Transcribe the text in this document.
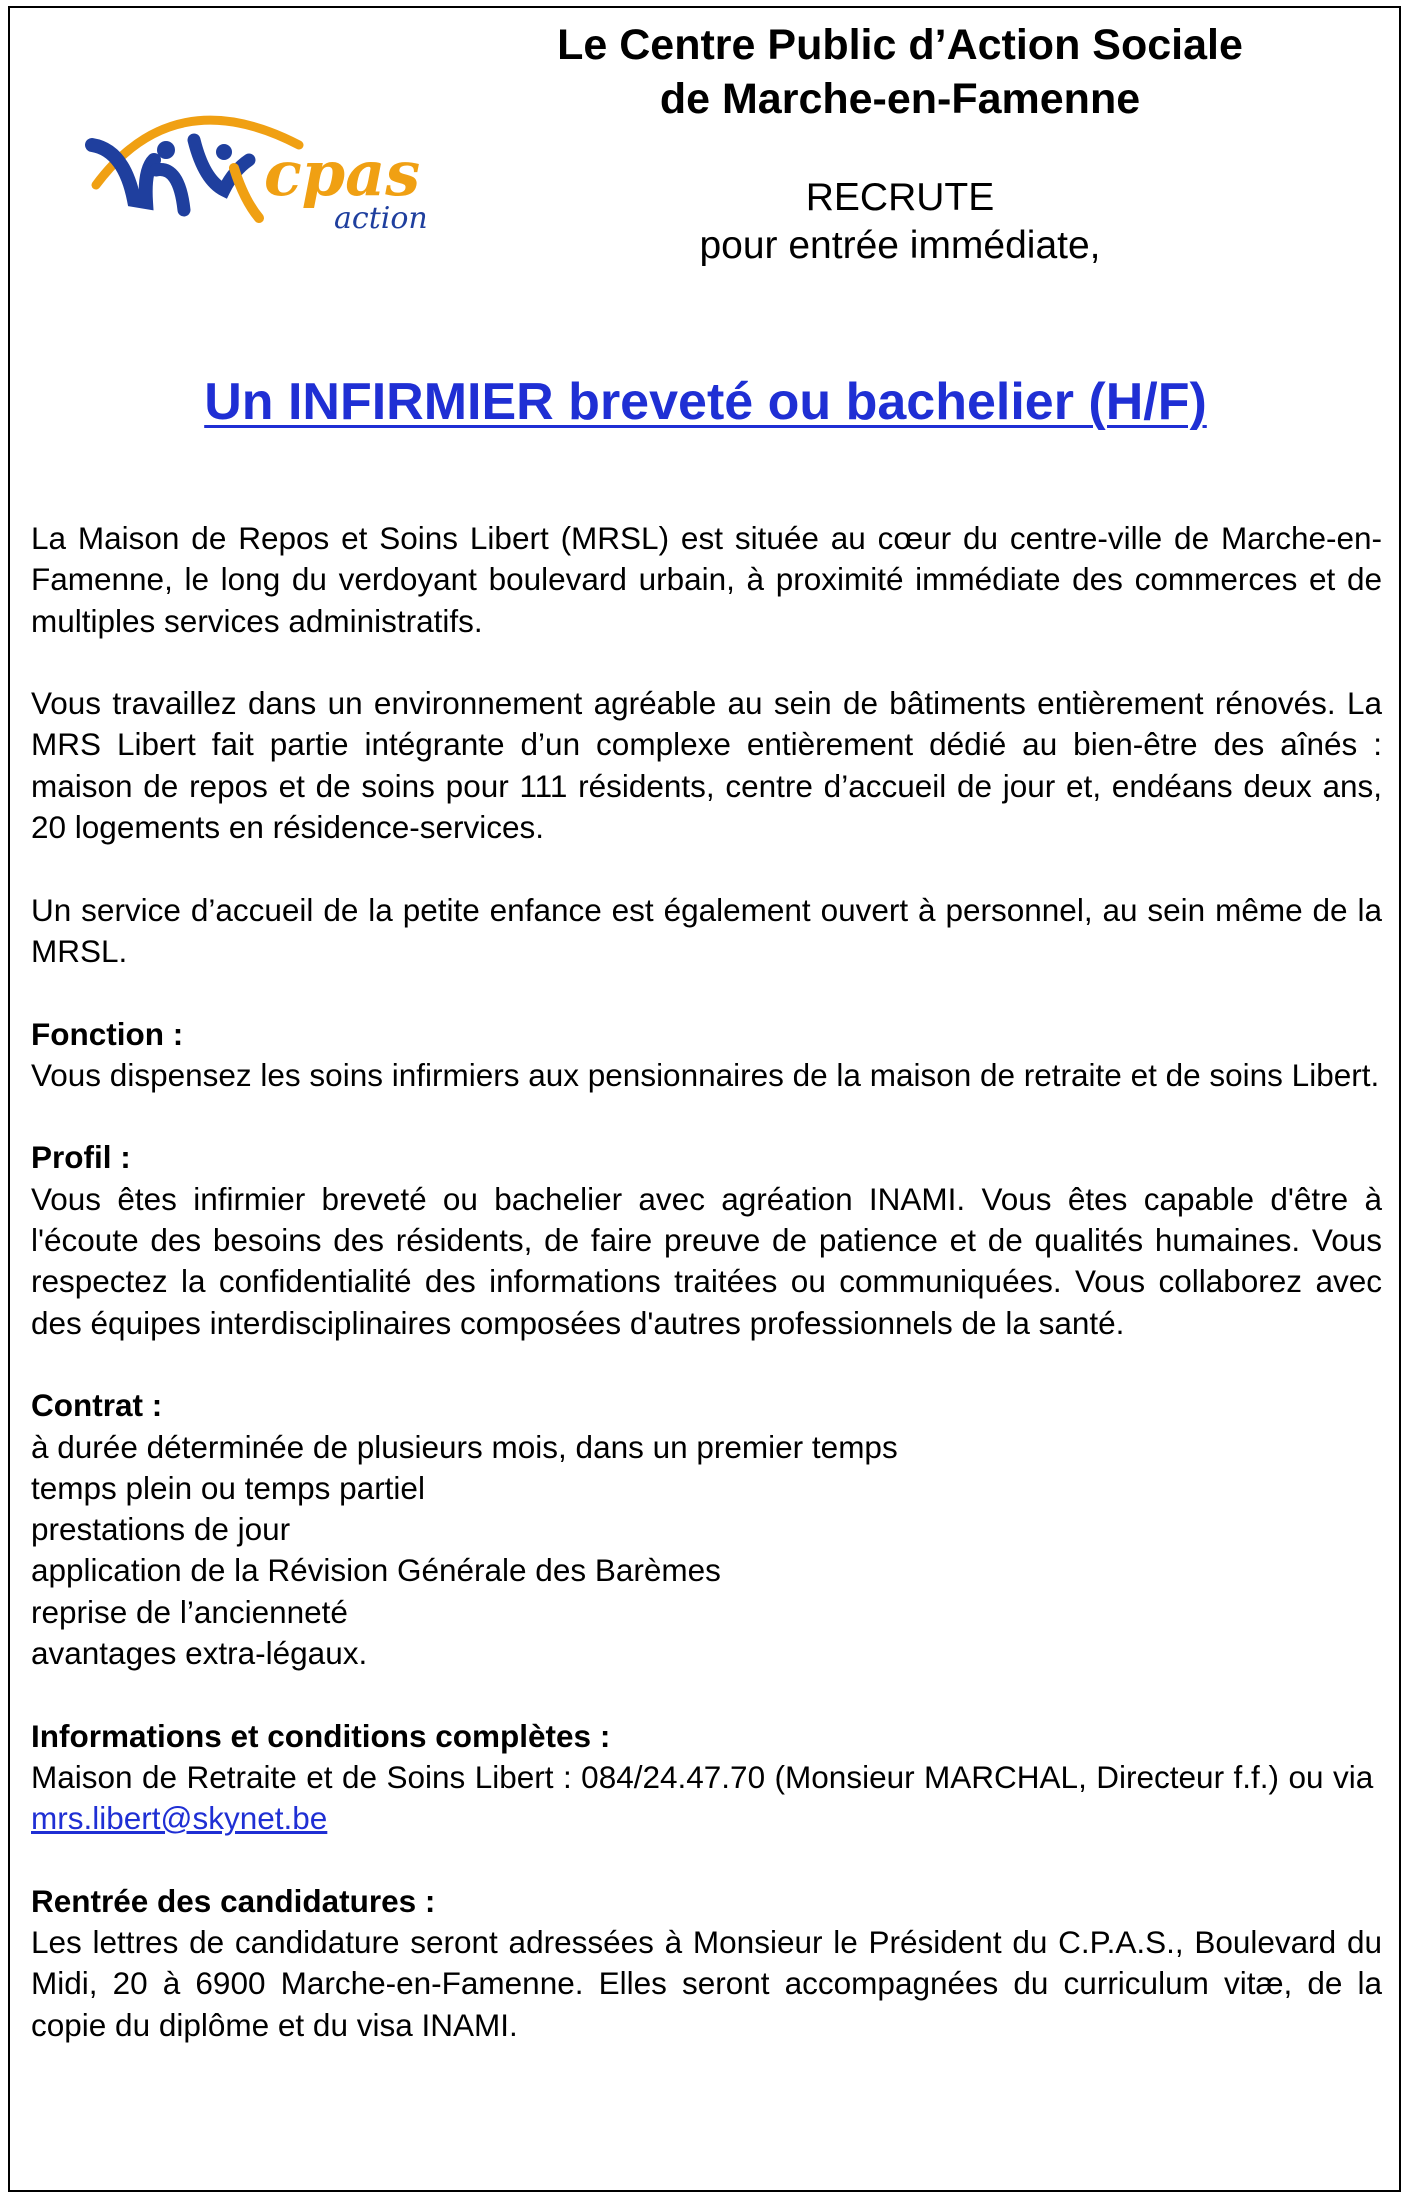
cpas
action
Le Centre Public d’Action Sociale
de Marche-en-Famenne
RECRUTE
pour entrée immédiate,
Un INFIRMIER breveté ou bachelier (H/F)

La Maison de Repos et Soins Libert (MRSL) est située au cœur du centre-ville de Marche-en-Famenne, le long du verdoyant boulevard urbain, à proximité immédiate des commerces et de multiples services administratifs.

Vous travaillez dans un environnement agréable au sein de bâtiments entièrement rénovés. La MRS Libert fait partie intégrante d’un complexe entièrement dédié au bien-être des aînés : maison de repos et de soins pour 111 résidents, centre d’accueil de jour et, endéans deux ans, 20 logements en résidence-services.

Un service d’accueil de la petite enfance est également ouvert à personnel, au sein même de la MRSL.

Fonction :
Vous dispensez les soins infirmiers aux pensionnaires de la maison de retraite et de soins Libert.

Profil :
Vous êtes infirmier breveté ou bachelier avec agréation INAMI. Vous êtes capable d'être à l'écoute des besoins des résidents, de faire preuve de patience et de qualités humaines. Vous respectez la confidentialité des informations traitées ou communiquées. Vous collaborez avec des équipes interdisciplinaires composées d'autres professionnels de la santé.

Contrat :
à durée déterminée de plusieurs mois, dans un premier temps
temps plein ou temps partiel
prestations de jour
application de la Révision Générale des Barèmes
reprise de l’ancienneté
avantages extra-légaux.

Informations et conditions complètes :
Maison de Retraite et de Soins Libert : 084/24.47.70 (Monsieur MARCHAL, Directeur f.f.) ou via  mrs.libert@skynet.be

Rentrée des candidatures :
Les lettres de candidature seront adressées à Monsieur le Président du C.P.A.S., Boulevard du Midi, 20 à 6900 Marche-en-Famenne. Elles seront accompagnées du curriculum vitæ, de la copie du diplôme et du visa INAMI.
